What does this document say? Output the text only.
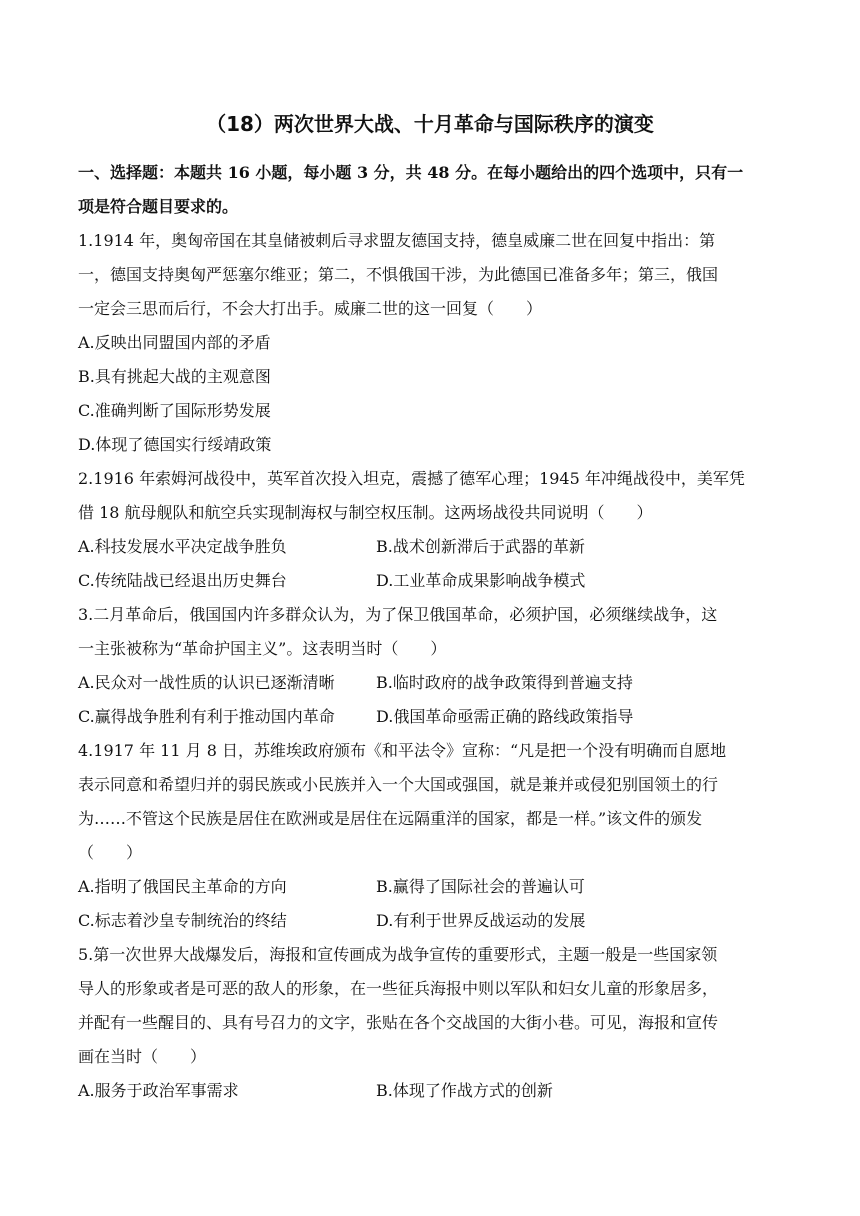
（18）两次世界大战、十月革命与国际秩序的演变
一、选择题：本题共 16 小题，每小题 3 分，共 48 分。在每小题给出的四个选项中，只有一
项是符合题目要求的。
1.1914 年，奥匈帝国在其皇储被刺后寻求盟友德国支持，德皇威廉二世在回复中指出：第
一，德国支持奥匈严惩塞尔维亚；第二，不惧俄国干涉，为此德国已准备多年；第三，俄国
一定会三思而后行，不会大打出手。威廉二世的这一回复（　　）
A.反映出同盟国内部的矛盾
B.具有挑起大战的主观意图
C.准确判断了国际形势发展
D.体现了德国实行绥靖政策
2.1916 年索姆河战役中，英军首次投入坦克，震撼了德军心理；1945 年冲绳战役中，美军凭
借 18 航母舰队和航空兵实现制海权与制空权压制。这两场战役共同说明（　　）
A.科技发展水平决定战争胜负	B.战术创新滞后于武器的革新
C.传统陆战已经退出历史舞台	D.工业革命成果影响战争模式
3.二月革命后，俄国国内许多群众认为，为了保卫俄国革命，必须护国，必须继续战争，这
一主张被称为“革命护国主义”。这表明当时（　　）
A.民众对一战性质的认识已逐渐清晰	B.临时政府的战争政策得到普遍支持
C.赢得战争胜利有利于推动国内革命	D.俄国革命亟需正确的路线政策指导
4.1917 年 11 月 8 日，苏维埃政府颁布《和平法令》宣称：“凡是把一个没有明确而自愿地
表示同意和希望归并的弱民族或小民族并入一个大国或强国，就是兼并或侵犯别国领土的行
为……不管这个民族是居住在欧洲或是居住在远隔重洋的国家，都是一样。”该文件的颁发
（　　）
A.指明了俄国民主革命的方向	B.赢得了国际社会的普遍认可
C.标志着沙皇专制统治的终结	D.有利于世界反战运动的发展
5.第一次世界大战爆发后，海报和宣传画成为战争宣传的重要形式，主题一般是一些国家领
导人的形象或者是可恶的敌人的形象，在一些征兵海报中则以军队和妇女儿童的形象居多，
并配有一些醒目的、具有号召力的文字，张贴在各个交战国的大街小巷。可见，海报和宣传
画在当时（　　）
A.服务于政治军事需求	B.体现了作战方式的创新
